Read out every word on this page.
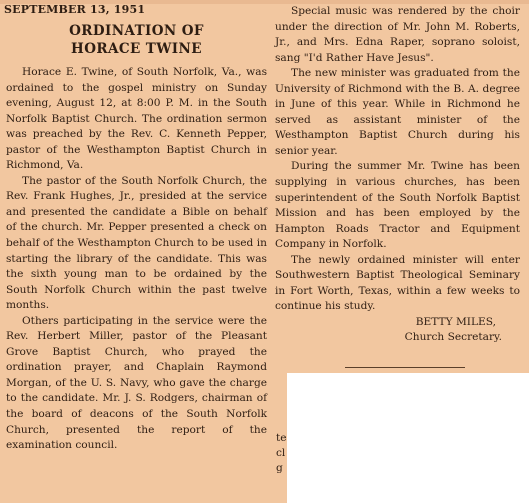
SEPTEMBER 13, 1951
ORDINATION OF
HORACE TWINE

Horace E. Twine, of South Norfolk, Va., was ordained to the gospel ministry on Sunday evening, August 12, at 8:00 P. M. in the South Norfolk Baptist Church. The ordination sermon was preached by the Rev. C. Kenneth Pepper, pastor of the Westhampton Baptist Church in Richmond, Va.

The pastor of the South Norfolk Church, the Rev. Frank Hughes, Jr., presided at the service and presented the candidate a Bible on behalf of the church. Mr. Pepper presented a check on behalf of the Westhampton Church to be used in starting the library of the candidate. This was the sixth young man to be ordained by the South Norfolk Church within the past twelve months.

Others participating in the service were the Rev. Herbert Miller, pastor of the Pleasant Grove Baptist Church, who prayed the ordination prayer, and Chaplain Raymond Morgan, of the U. S. Navy, who gave the charge to the candidate. Mr. J. S. Rodgers, chairman of the board of deacons of the South Norfolk Church, presented the report of the examination council.

Special music was rendered by the choir under the direction of Mr. John M. Roberts, Jr., and Mrs. Edna Raper, soprano soloist, sang "I'd Rather Have Jesus".

The new minister was graduated from the University of Richmond with the B. A. degree in June of this year. While in Richmond he served as assistant minister of the Westhampton Baptist Church during his senior year.

During the summer Mr. Twine has been supplying in various churches, has been superintendent of the South Norfolk Baptist Mission and has been employed by the Hampton Roads Tractor and Equipment Company in Norfolk.

The newly ordained minister will enter Southwestern Baptist Theological Seminary in Fort Worth, Texas, within a few weeks to continue his study.

BETTY MILES,

Church Secretary.

te
cl
g
